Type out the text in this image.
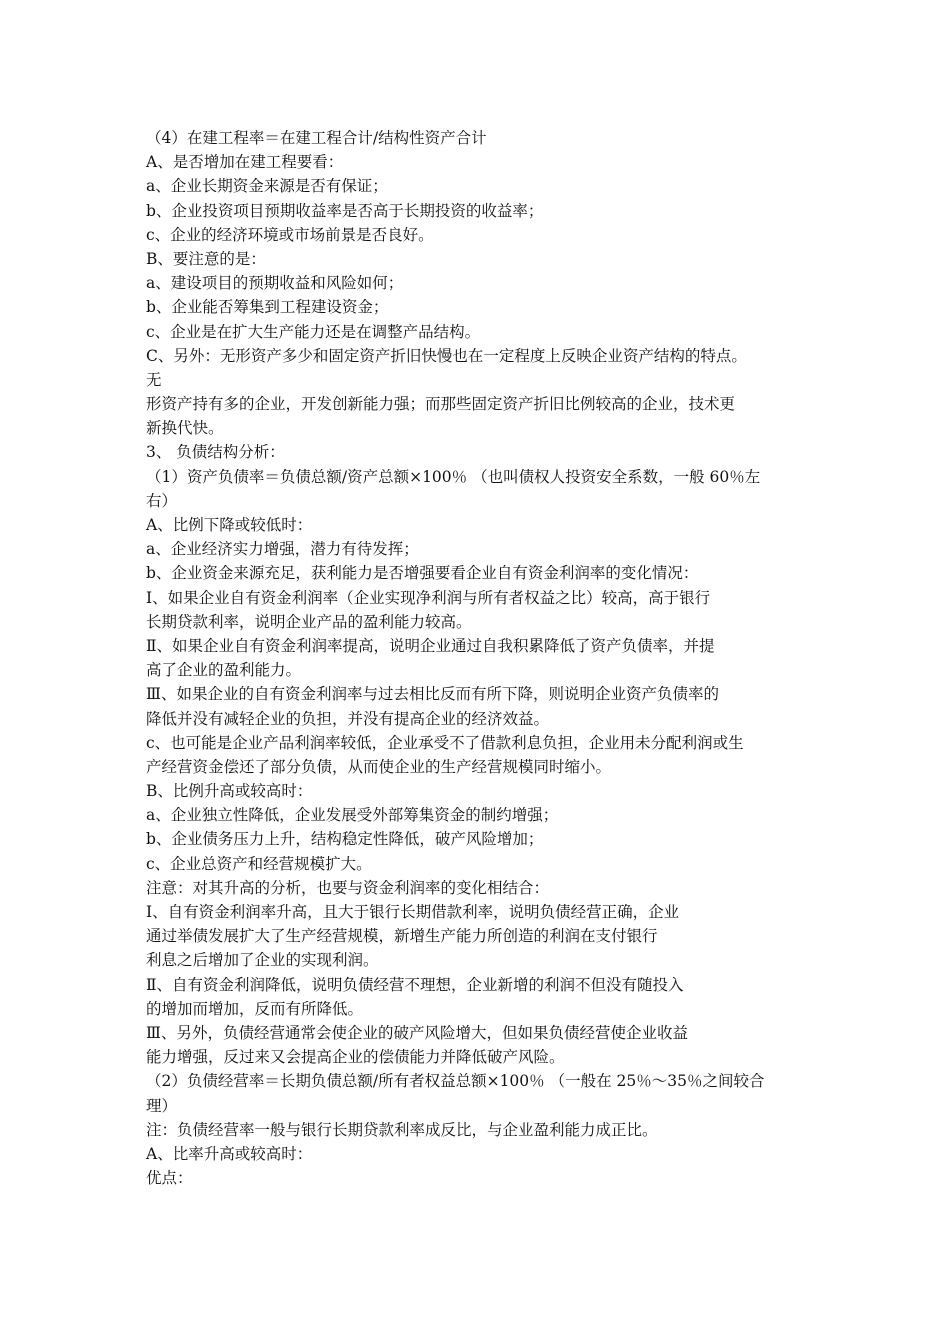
（4）在建工程率＝在建工程合计/结构性资产合计
A、是否增加在建工程要看：
a、企业长期资金来源是否有保证；
b、企业投资项目预期收益率是否高于长期投资的收益率；
c、企业的经济环境或市场前景是否良好。
B、要注意的是：
a、建设项目的预期收益和风险如何；
b、企业能否筹集到工程建设资金；
c、企业是在扩大生产能力还是在调整产品结构。
C、另外：无形资产多少和固定资产折旧快慢也在一定程度上反映企业资产结构的特点。
无
形资产持有多的企业，开发创新能力强；而那些固定资产折旧比例较高的企业，技术更
新换代快。
3、 负债结构分析：
（1）资产负债率＝负债总额/资产总额×100％ （也叫债权人投资安全系数，一般 60％左
右）
A、比例下降或较低时：
a、企业经济实力增强，潜力有待发挥；
b、企业资金来源充足，获利能力是否增强要看企业自有资金利润率的变化情况：
Ⅰ、如果企业自有资金利润率（企业实现净利润与所有者权益之比）较高，高于银行
长期贷款利率，说明企业产品的盈利能力较高。
Ⅱ、如果企业自有资金利润率提高，说明企业通过自我积累降低了资产负债率，并提
高了企业的盈利能力。
Ⅲ、如果企业的自有资金利润率与过去相比反而有所下降，则说明企业资产负债率的
降低并没有减轻企业的负担，并没有提高企业的经济效益。
c、也可能是企业产品利润率较低，企业承受不了借款利息负担，企业用未分配利润或生
产经营资金偿还了部分负债，从而使企业的生产经营规模同时缩小。
B、比例升高或较高时：
a、企业独立性降低，企业发展受外部筹集资金的制约增强；
b、企业债务压力上升，结构稳定性降低，破产风险增加；
c、企业总资产和经营规模扩大。
注意：对其升高的分析，也要与资金利润率的变化相结合：
Ⅰ、自有资金利润率升高，且大于银行长期借款利率，说明负债经营正确，企业
通过举债发展扩大了生产经营规模，新增生产能力所创造的利润在支付银行
利息之后增加了企业的实现利润。
Ⅱ、自有资金利润降低，说明负债经营不理想，企业新增的利润不但没有随投入
的增加而增加，反而有所降低。
Ⅲ、另外，负债经营通常会使企业的破产风险增大，但如果负债经营使企业收益
能力增强，反过来又会提高企业的偿债能力并降低破产风险。
（2）负债经营率＝长期负债总额/所有者权益总额×100％ （一般在 25％～35％之间较合
理）
注：负债经营率一般与银行长期贷款利率成反比，与企业盈利能力成正比。
A、比率升高或较高时：
优点：
